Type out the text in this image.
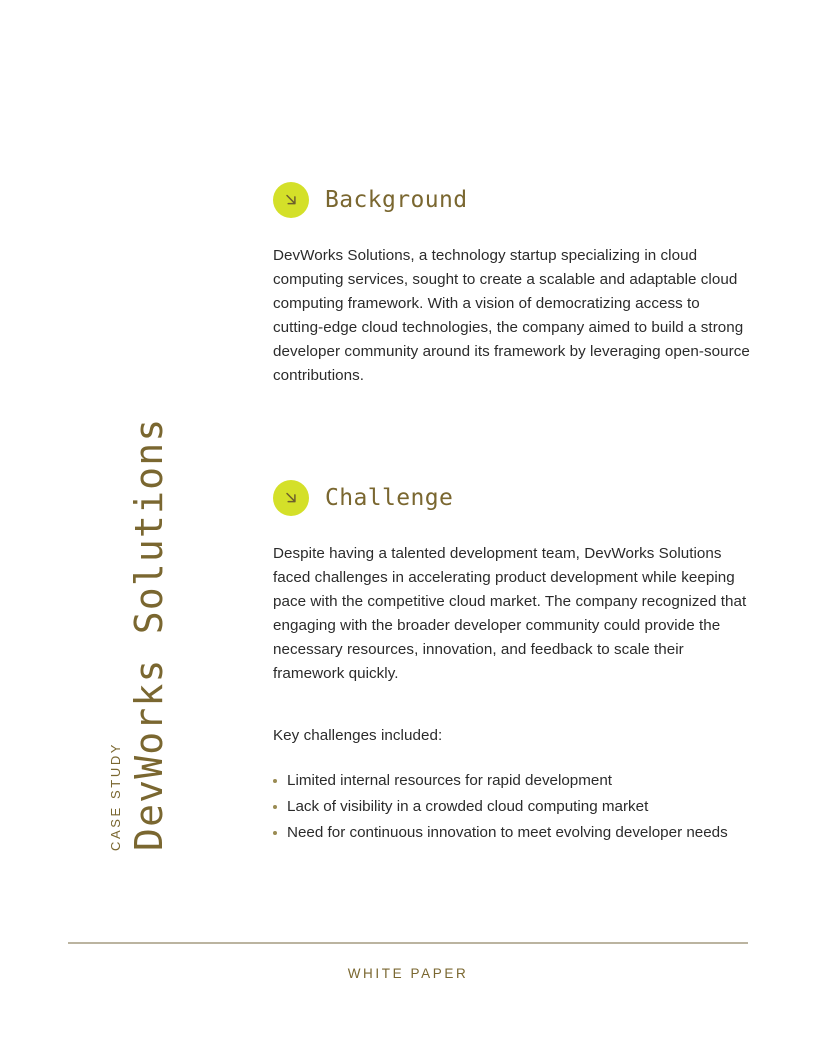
DevWorks Solutions
CASE STUDY
Background

DevWorks Solutions, a technology startup specializing in cloud computing services, sought to create a scalable and adaptable cloud computing framework. With a vision of democratizing access to cutting-edge cloud technologies, the company aimed to build a strong developer community around its framework by leveraging open-source contributions.

Challenge

Despite having a talented development team, DevWorks Solutions faced challenges in accelerating product development while keeping pace with the competitive cloud market. The company recognized that engaging with the broader developer community could provide the necessary resources, innovation, and feedback to scale their framework quickly.

Key challenges included:

Limited internal resources for rapid development
Lack of visibility in a crowded cloud computing market
Need for continuous innovation to meet evolving developer needs
WHITE PAPER
